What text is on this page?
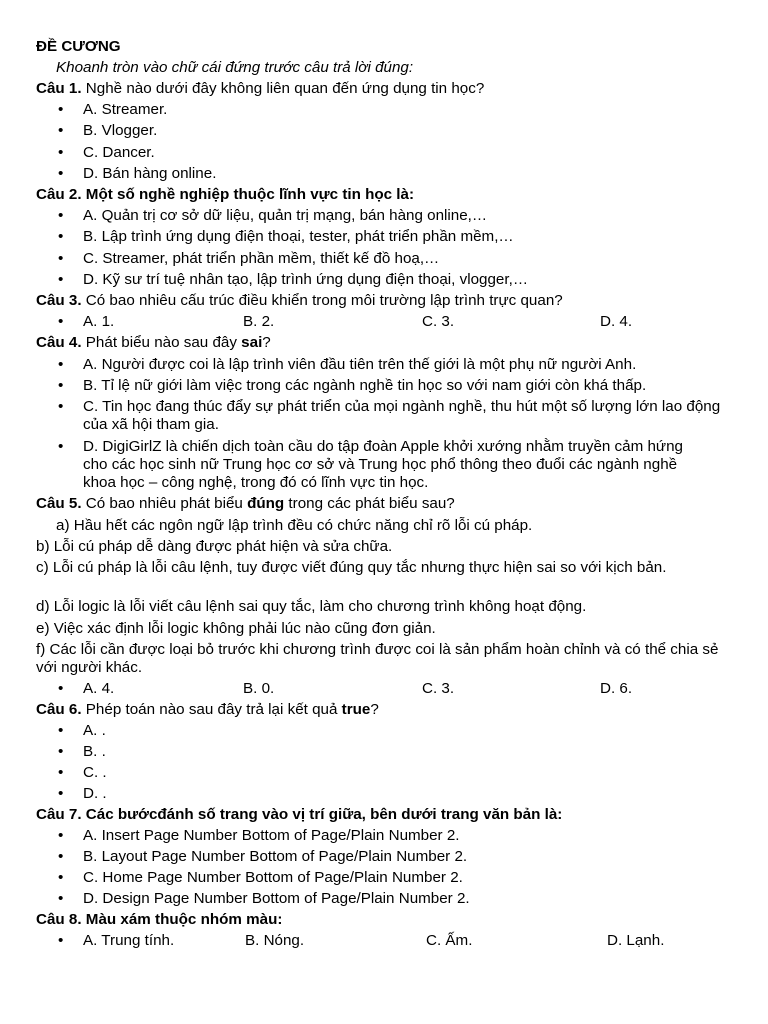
ĐỀ CƯƠNG
Khoanh tròn vào chữ cái đứng trước câu trả lời đúng:
Câu 1. Nghề nào dưới đây không liên quan đến ứng dụng tin học?
• A. Streamer.
• B. Vlogger.
• C. Dancer.
• D. Bán hàng online.
Câu 2. Một số nghề nghiệp thuộc lĩnh vực tin học là:
• A. Quản trị cơ sở dữ liệu, quản trị mạng, bán hàng online,…
• B. Lập trình ứng dụng điện thoại, tester, phát triển phần mềm,…
• C. Streamer, phát triển phần mềm, thiết kế đồ hoạ,…
• D. Kỹ sư trí tuệ nhân tạo, lập trình ứng dụng điện thoại, vlogger,…
Câu 3. Có bao nhiêu cấu trúc điều khiển trong môi trường lập trình trực quan?
• A. 1.	B. 2.	C. 3.	D. 4.
Câu 4. Phát biểu nào sau đây sai?
• A. Người được coi là lập trình viên đầu tiên trên thế giới là một phụ nữ người Anh.
• B. Tỉ lệ nữ giới làm việc trong các ngành nghề tin học so với nam giới còn khá thấp.
• C. Tin học đang thúc đẩy sự phát triển của mọi ngành nghề, thu hút một số lượng lớn lao động của xã hội tham gia.
• D. DigiGirlZ là chiến dịch toàn cầu do tập đoàn Apple khởi xướng nhằm truyền cảm hứng cho các học sinh nữ Trung học cơ sở và Trung học phổ thông theo đuổi các ngành nghề khoa học – công nghệ, trong đó có lĩnh vực tin học.
Câu 5. Có bao nhiêu phát biểu đúng trong các phát biểu sau?
a) Hầu hết các ngôn ngữ lập trình đều có chức năng chỉ rõ lỗi cú pháp.
b) Lỗi cú pháp dễ dàng được phát hiện và sửa chữa.
c) Lỗi cú pháp là lỗi câu lệnh, tuy được viết đúng quy tắc nhưng thực hiện sai so với kịch bản.
d) Lỗi logic là lỗi viết câu lệnh sai quy tắc, làm cho chương trình không hoạt động.
e) Việc xác định lỗi logic không phải lúc nào cũng đơn giản.
f) Các lỗi cần được loại bỏ trước khi chương trình được coi là sản phẩm hoàn chỉnh và có thể chia sẻ với người khác.
• A. 4.	B. 0.	C. 3.	D. 6.
Câu 6. Phép toán nào sau đây trả lại kết quả true?
• A. .
• B. .
• C. .
• D. .
Câu 7. Các bướcđánh số trang vào vị trí giữa, bên dưới trang văn bản là:
• A. Insert Page Number Bottom of Page/Plain Number 2.
• B. Layout Page Number Bottom of Page/Plain Number 2.
• C. Home Page Number Bottom of Page/Plain Number 2.
• D. Design Page Number Bottom of Page/Plain Number 2.
Câu 8. Màu xám thuộc nhóm màu:
• A. Trung tính.	B. Nóng.	C. Ấm.	D. Lạnh.
